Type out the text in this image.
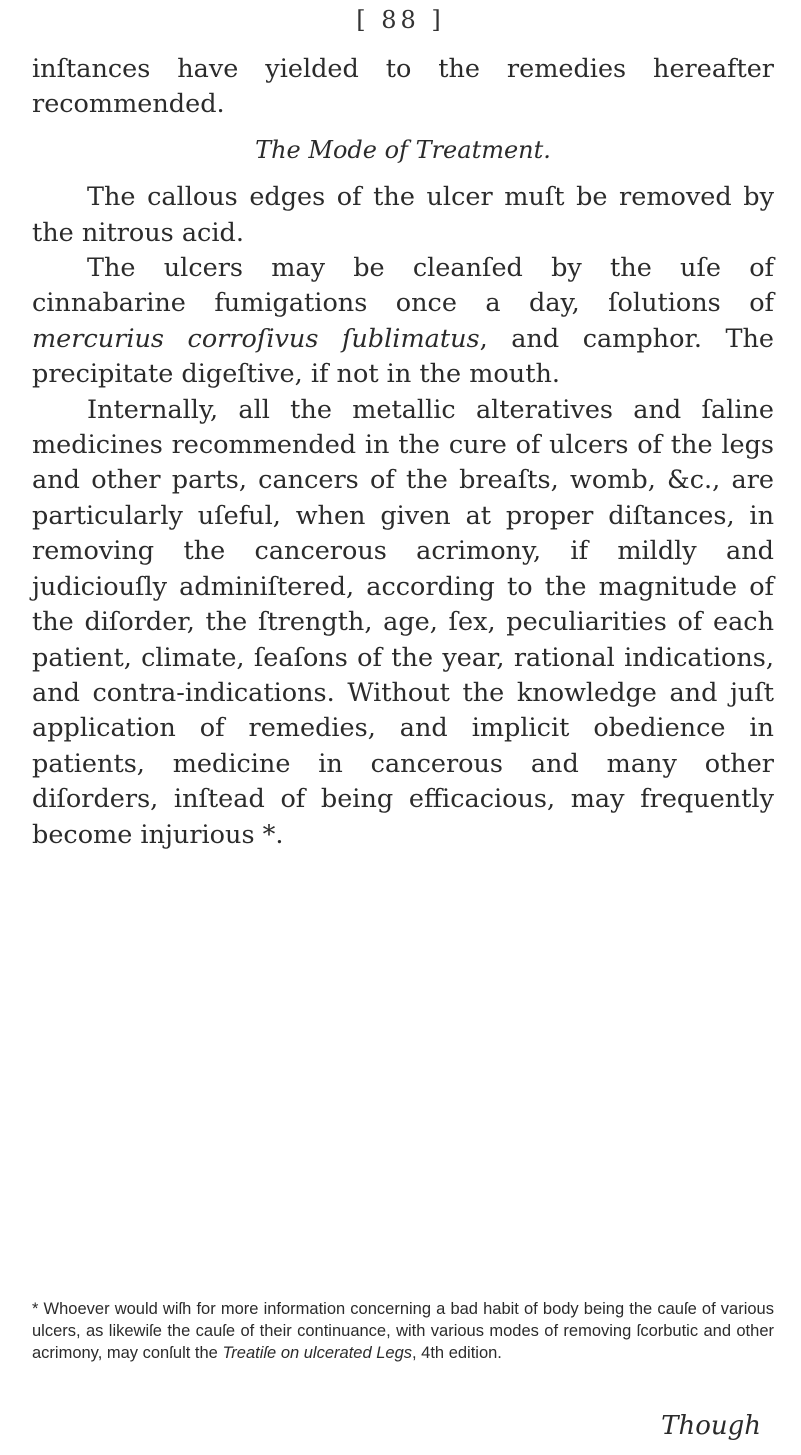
[ 88 ]

inſtances have yielded to the remedies hereafter recommended.

The Mode of Treatment.

The callous edges of the ulcer muſt be removed by the nitrous acid.

The ulcers may be cleanſed by the uſe of cinnabarine fumigations once a day, ſolutions of mercurius corroſivus ſublimatus, and camphor. The precipitate digeſtive, if not in the mouth.

Internally, all the metallic alteratives and ſaline medicines recommended in the cure of ulcers of the legs and other parts, cancers of the breaſts, womb, &c., are particularly uſeful, when given at proper diſtances, in removing the cancerous acrimony, if mildly and judiciouſly adminiſtered, according to the magnitude of the diſorder, the ſtrength, age, ſex, peculiarities of each patient, climate, ſeaſons of the year, rational indications, and contra-indications. Without the knowledge and juſt application of remedies, and implicit obedience in patients, medicine in cancerous and many other diſorders, inſtead of being efficacious, may frequently become injurious *.

* Whoever would wiſh for more information concerning a bad habit of body being the cauſe of various ulcers, as likewiſe the cauſe of their continuance, with various modes of removing ſcorbutic and other acrimony, may conſult the Treatiſe on ulcerated Legs, 4th edition.
Though
